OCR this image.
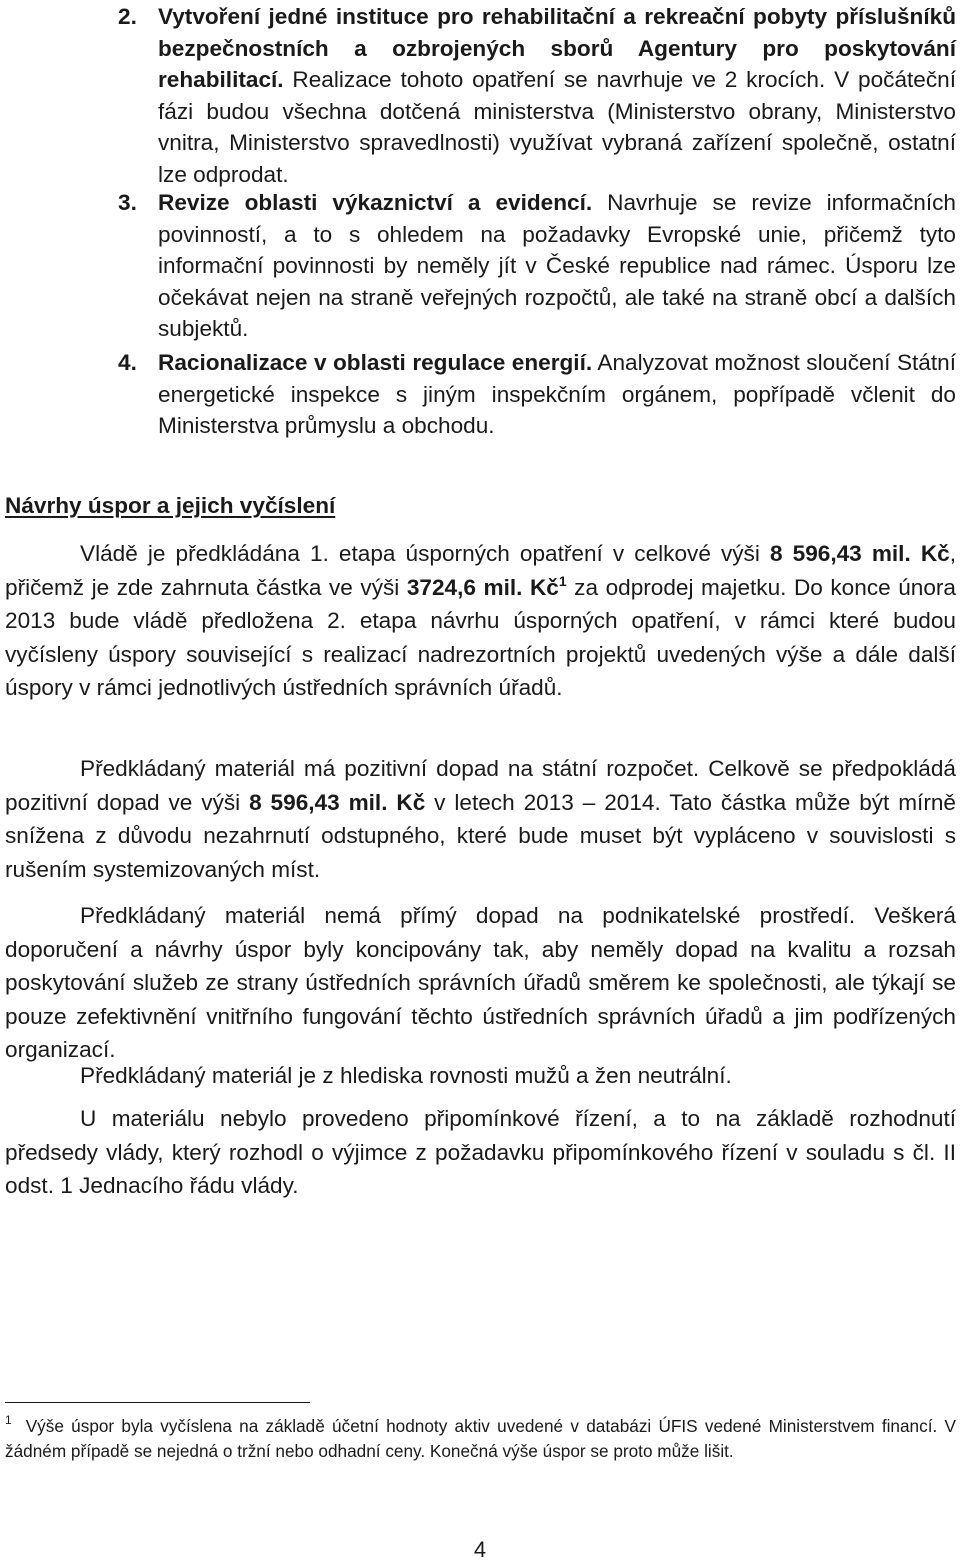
2. Vytvoření jedné instituce pro rehabilitační a rekreační pobyty příslušníků bezpečnostních a ozbrojených sborů Agentury pro poskytování rehabilitací. Realizace tohoto opatření se navrhuje ve 2 krocích. V počáteční fázi budou všechna dotčená ministerstva (Ministerstvo obrany, Ministerstvo vnitra, Ministerstvo spravedlnosti) využívat vybraná zařízení společně, ostatní lze odprodat.
3. Revize oblasti výkaznictví a evidencí. Navrhuje se revize informačních povinností, a to s ohledem na požadavky Evropské unie, přičemž tyto informační povinnosti by neměly jít v České republice nad rámec. Úsporu lze očekávat nejen na straně veřejných rozpočtů, ale také na straně obcí a dalších subjektů.
4. Racionalizace v oblasti regulace energií. Analyzovat možnost sloučení Státní energetické inspekce s jiným inspekčním orgánem, popřípadě včlenit do Ministerstva průmyslu a obchodu.
Návrhy úspor a jejich vyčíslení
Vládě je předkládána 1. etapa úsporných opatření v celkové výši 8 596,43 mil. Kč, přičemž je zde zahrnuta částka ve výši 3724,6 mil. $Kč^1$ za odprodej majetku. Do konce února 2013 bude vládě předložena 2. etapa návrhu úsporných opatření, v rámci které budou vyčísleny úspory související s realizací nadrezortních projektů uvedených výše a dále další úspory v rámci jednotlivých ústředních správních úřadů.
Předkládaný materiál má pozitivní dopad na státní rozpočet. Celkově se předpokládá pozitivní dopad ve výši 8 596,43 mil. Kč v letech 2013 – 2014. Tato částka může být mírně snížena z důvodu nezahrnutí odstupného, které bude muset být vypláceno v souvislosti s rušením systemizovaných míst.
Předkládaný materiál nemá přímý dopad na podnikatelské prostředí. Veškerá doporučení a návrhy úspor byly koncipovány tak, aby neměly dopad na kvalitu a rozsah poskytování služeb ze strany ústředních správních úřadů směrem ke společnosti, ale týkají se pouze zefektivnění vnitřního fungování těchto ústředních správních úřadů a jim podřízených organizací.
Předkládaný materiál je z hlediska rovnosti mužů a žen neutrální.
U materiálu nebylo provedeno připomínkové řízení, a to na základě rozhodnutí předsedy vlády, který rozhodl o výjimce z požadavku připomínkového řízení v souladu s čl. II odst. 1 Jednacího řádu vlády.
$^1$ Výše úspor byla vyčíslena na základě účetní hodnoty aktiv uvedené v databázi ÚFIS vedené Ministerstvem financí. V žádném případě se nejedná o tržní nebo odhadní ceny. Konečná výše úspor se proto může lišit.
4
